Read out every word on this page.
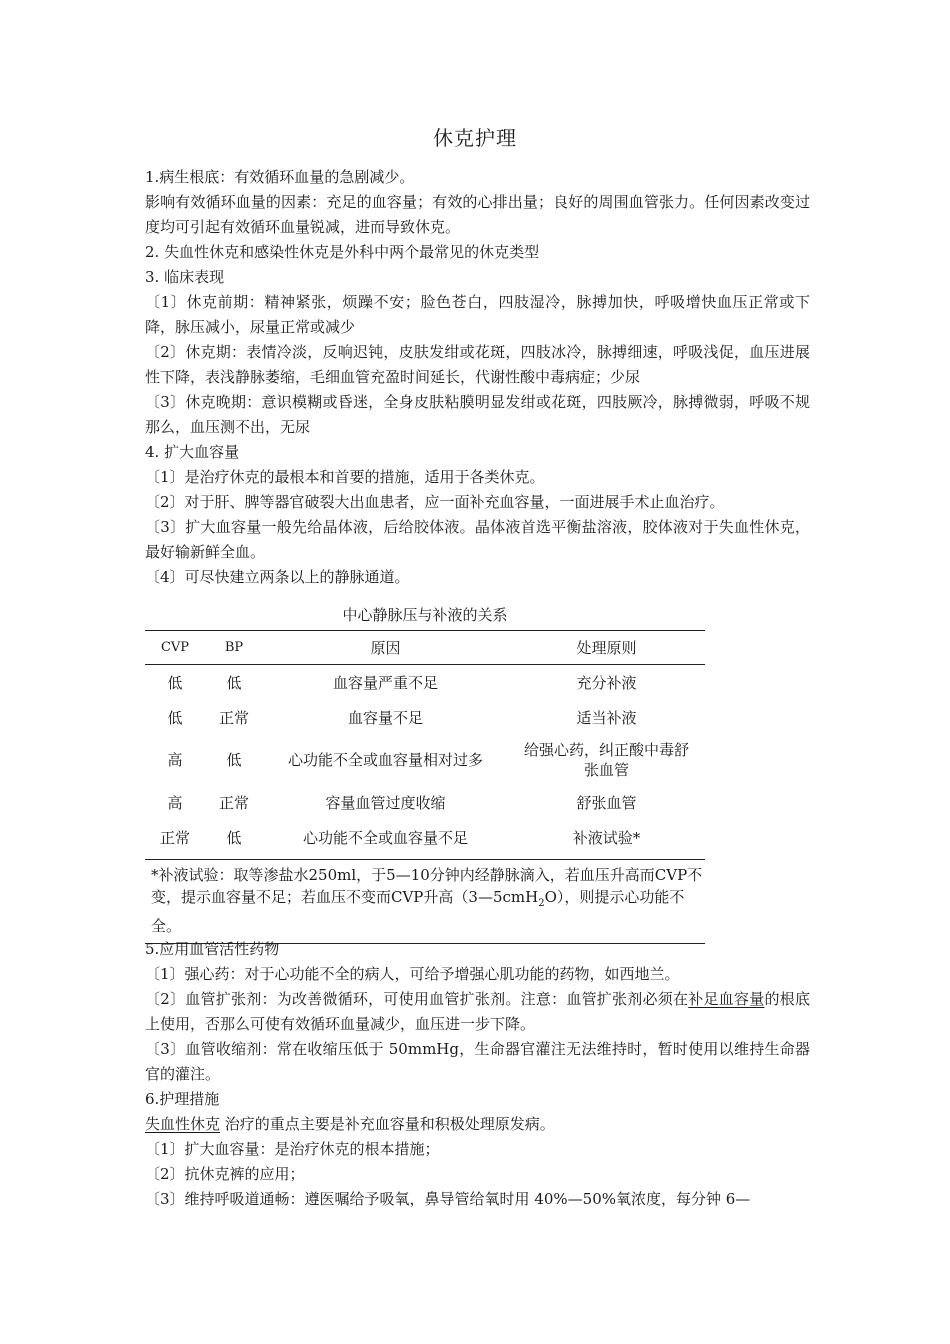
休克护理

1.病生根底：有效循环血量的急剧减少。

影响有效循环血量的因素：充足的血容量；有效的心排出量；良好的周围血管张力。任何因素改变过度均可引起有效循环血量锐减，进而导致休克。

2. 失血性休克和感染性休克是外科中两个最常见的休克类型

3. 临床表现

〔1〕休克前期：精神紧张，烦躁不安；脸色苍白，四肢湿冷，脉搏加快，呼吸增快血压正常或下降，脉压减小，尿量正常或减少

〔2〕休克期：表情冷淡，反响迟钝，皮肤发绀或花斑，四肢冰冷，脉搏细速，呼吸浅促，血压进展性下降，表浅静脉萎缩，毛细血管充盈时间延长，代谢性酸中毒病症；少尿

〔3〕休克晚期：意识模糊或昏迷，全身皮肤粘膜明显发绀或花斑，四肢厥冷，脉搏微弱，呼吸不规那么，血压测不出，无尿

4. 扩大血容量

〔1〕是治疗休克的最根本和首要的措施，适用于各类休克。

〔2〕对于肝、脾等器官破裂大出血患者，应一面补充血容量，一面进展手术止血治疗。

〔3〕扩大血容量一般先给晶体液，后给胶体液。晶体液首选平衡盐溶液，胶体液对于失血性休克，最好输新鲜全血。

〔4〕可尽快建立两条以上的静脉通道。

中心静脉压与补液的关系
CVP	BP	原因	处理原则
低	低	血容量严重不足	充分补液
低	正常	血容量不足	适当补液
高	低	心功能不全或血容量相对过多	给强心药，纠正酸中毒舒张血管
高	正常	容量血管过度收缩	舒张血管
正常	低	心功能不全或血容量不足	补液试验*
*补液试验：取等渗盐水250ml，于5—10分钟内经静脉滴入，若血压升高而CVP不变，提示血容量不足；若血压不变而CVP升高（3—5cmH$_2$O），则提示心功能不全。

5.应用血管活性药物

〔1〕强心药：对于心功能不全的病人，可给予增强心肌功能的药物，如西地兰。

〔2〕血管扩张剂：为改善微循环，可使用血管扩张剂。注意：血管扩张剂必须在补足血容量的根底上使用，否那么可使有效循环血量减少，血压进一步下降。

〔3〕血管收缩剂：常在收缩压低于 50mmHg，生命器官灌注无法维持时，暂时使用以维持生命器官的灌注。

6.护理措施

失血性休克 治疗的重点主要是补充血容量和积极处理原发病。

〔1〕扩大血容量：是治疗休克的根本措施；

〔2〕抗休克裤的应用；

〔3〕维持呼吸道通畅：遵医嘱给予吸氧，鼻导管给氧时用 40%—50%氧浓度，每分钟 6—
